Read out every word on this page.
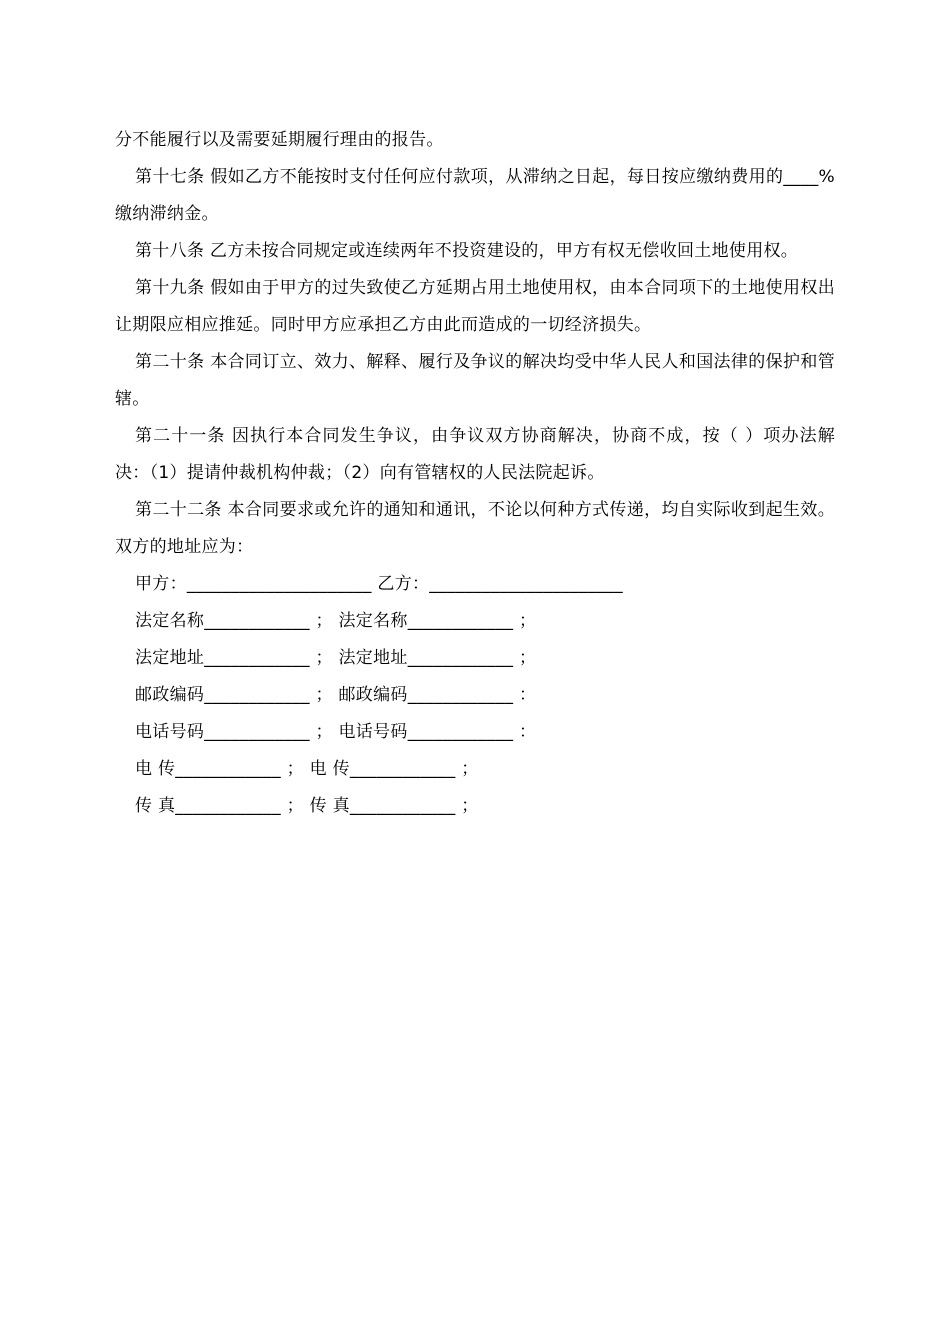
分不能履行以及需要延期履行理由的报告。

第十七条 假如乙方不能按时支付任何应付款项，从滞纳之日起，每日按应缴纳费用的____%缴纳滞纳金。

第十八条 乙方未按合同规定或连续两年不投资建设的，甲方有权无偿收回土地使用权。

第十九条 假如由于甲方的过失致使乙方延期占用土地使用权，由本合同项下的土地使用权出让期限应相应推延。同时甲方应承担乙方由此而造成的一切经济损失。

第二十条 本合同订立、效力、解释、履行及争议的解决均受中华人民人和国法律的保护和管辖。

第二十一条 因执行本合同发生争议，由争议双方协商解决，协商不成，按（ ）项办法解决：（1）提请仲裁机构仲裁；（2）向有管辖权的人民法院起诉。

第二十二条 本合同要求或允许的通知和通讯，不论以何种方式传递，均自实际收到起生效。双方的地址应为：

甲方：_____________________ 乙方：______________________
法定名称____________ ； 法定名称____________ ；
法定地址____________ ； 法定地址____________ ；
邮政编码____________ ； 邮政编码____________ ：
电话号码____________ ； 电话号码____________ ：
电 传____________ ； 电 传____________ ；
传 真____________ ； 传 真____________ ；
